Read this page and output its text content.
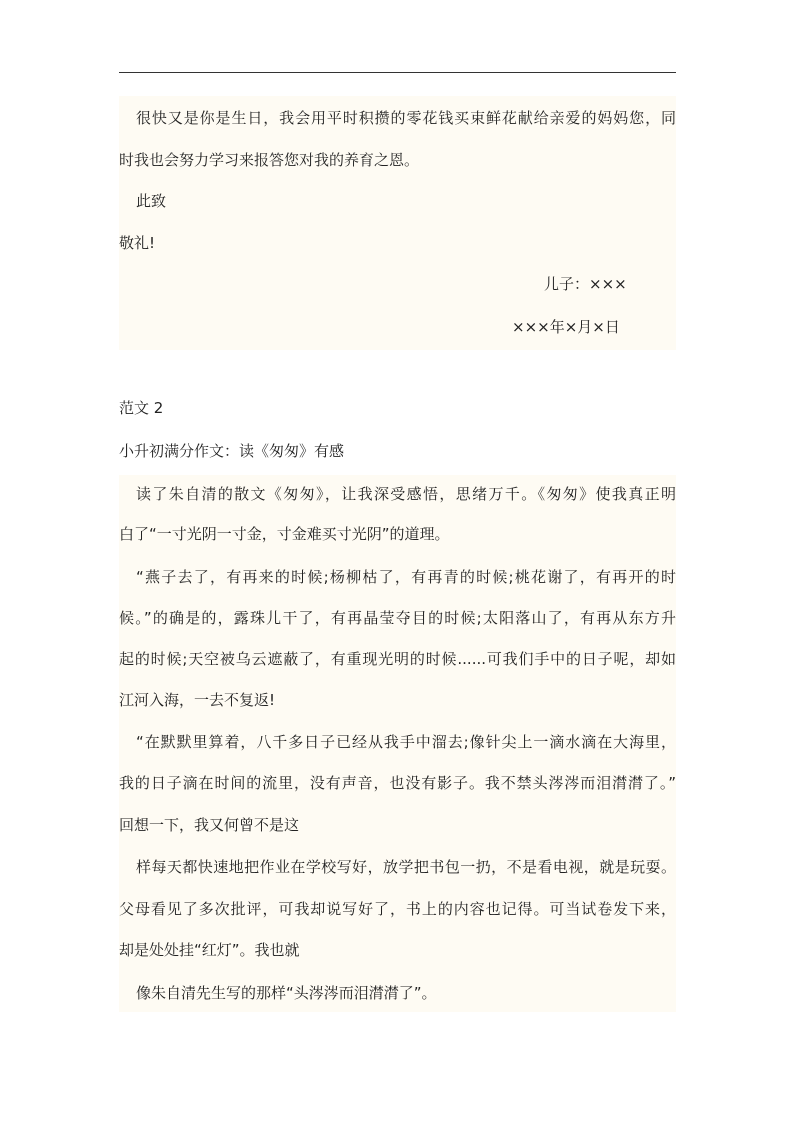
很快又是你是生日，我会用平时积攒的零花钱买束鲜花献给亲爱的妈妈您，同
时我也会努力学习来报答您对我的养育之恩。
此致
敬礼!
儿子：×××
×××年×月×日
范文 2
小升初满分作文：读《匆匆》有感
读了朱自清的散文《匆匆》，让我深受感悟，思绪万千。《匆匆》使我真正明
白了“一寸光阴一寸金，寸金难买寸光阴”的道理。
“燕子去了，有再来的时候;杨柳枯了，有再青的时候;桃花谢了，有再开的时
候。”的确是的，露珠儿干了，有再晶莹夺目的时候;太阳落山了，有再从东方升
起的时候;天空被乌云遮蔽了，有重现光明的时候......可我们手中的日子呢，却如
江河入海，一去不复返!
“在默默里算着，八千多日子已经从我手中溜去;像针尖上一滴水滴在大海里，
我的日子滴在时间的流里，没有声音，也没有影子。我不禁头涔涔而泪潸潸了。”
回想一下，我又何曾不是这
样每天都快速地把作业在学校写好，放学把书包一扔，不是看电视，就是玩耍。
父母看见了多次批评，可我却说写好了，书上的内容也记得。可当试卷发下来，
却是处处挂“红灯”。我也就
像朱自清先生写的那样“头涔涔而泪潸潸了”。
